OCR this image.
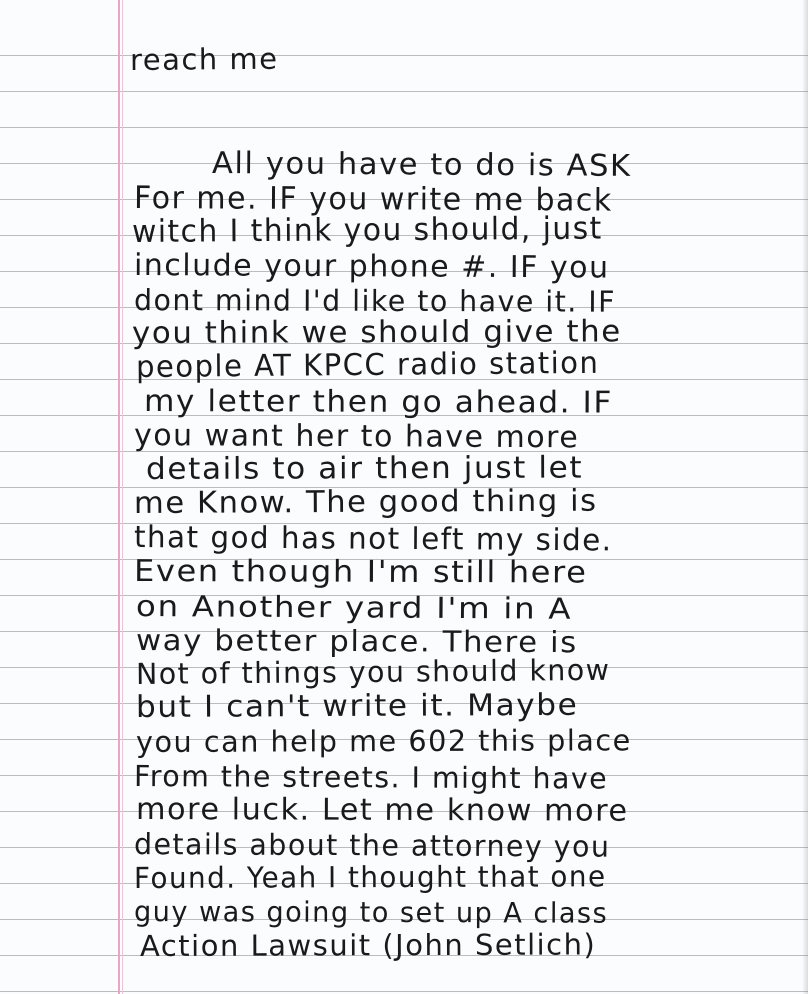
reach me
All you have to do is ASK
For me. IF you write me back
witch I think you should, just
include your phone #. IF you
dont mind I'd like to have it. IF
you think we should give the
people AT KPCC radio station
my letter then go ahead. IF
you want her to have more
details to air then just let
me Know. The good thing is
that god has not left my side.
Even though I'm still here
on Another yard I'm in A
way better place. There is
Not of things you should know
but I can't write it. Maybe
you can help me 602 this place
From the streets. I might have
more luck. Let me know more
details about the attorney you
Found. Yeah I thought that one
guy was going to set up A class
Action Lawsuit (John Setlich)
